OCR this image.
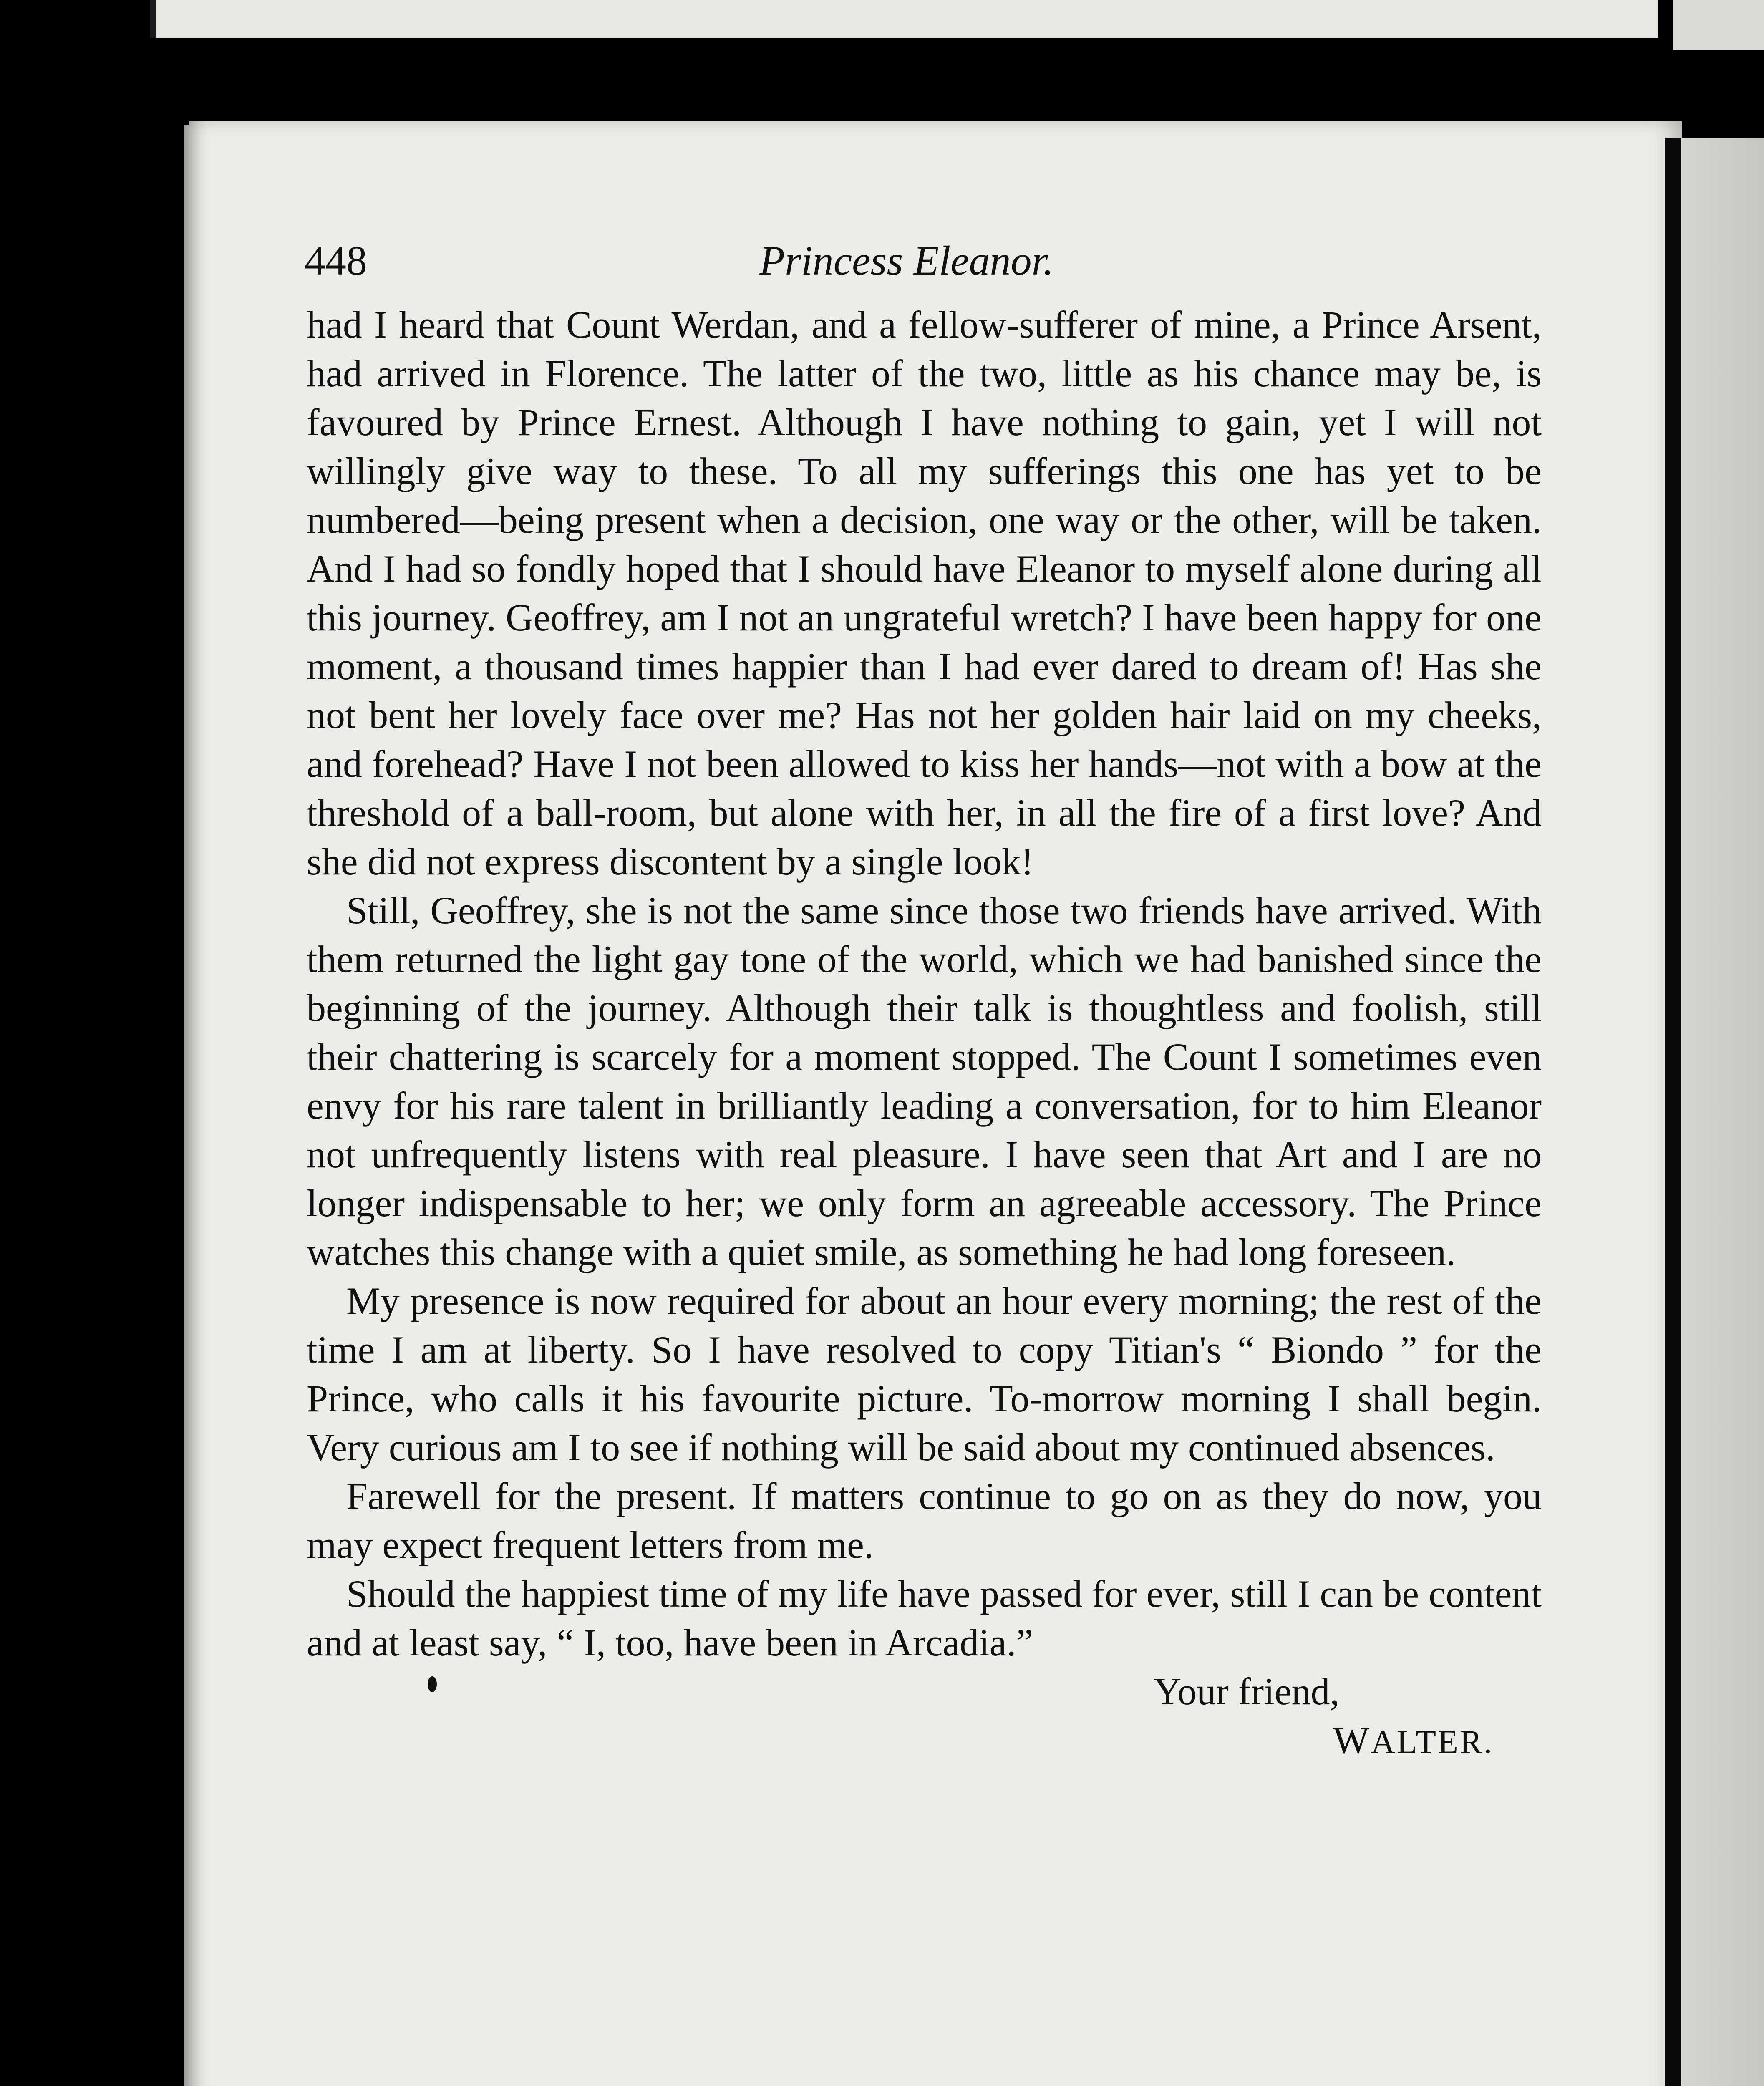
448	Princess Eleanor.

had I heard that Count Werdan, and a fellow-sufferer of mine, a Prince Arsent, had arrived in Florence. The latter of the two, little as his chance may be, is favoured by Prince Ernest. Although I have nothing to gain, yet I will not willingly give way to these. To all my sufferings this one has yet to be numbered—being present when a decision, one way or the other, will be taken. And I had so fondly hoped that I should have Eleanor to myself alone during all this journey. Geoffrey, am I not an ungrateful wretch? I have been happy for one moment, a thousand times happier than I had ever dared to dream of! Has she not bent her lovely face over me? Has not her golden hair laid on my cheeks, and forehead? Have I not been allowed to kiss her hands—not with a bow at the threshold of a ball-room, but alone with her, in all the fire of a first love? And she did not express discontent by a single look!

Still, Geoffrey, she is not the same since those two friends have arrived. With them returned the light gay tone of the world, which we had banished since the beginning of the journey. Although their talk is thoughtless and foolish, still their chattering is scarcely for a moment stopped. The Count I sometimes even envy for his rare talent in brilliantly leading a conversation, for to him Eleanor not unfrequently listens with real pleasure. I have seen that Art and I are no longer indispensable to her; we only form an agreeable accessory. The Prince watches this change with a quiet smile, as something he had long foreseen.

My presence is now required for about an hour every morning; the rest of the time I am at liberty. So I have resolved to copy Titian's “ Biondo ” for the Prince, who calls it his favourite picture. To-morrow morning I shall begin. Very curious am I to see if nothing will be said about my continued absences.

Farewell for the present. If matters continue to go on as they do now, you may expect frequent letters from me.

Should the happiest time of my life have passed for ever, still I can be content and at least say, “ I, too, have been in Arcadia.”

Your friend,
WALTER.
